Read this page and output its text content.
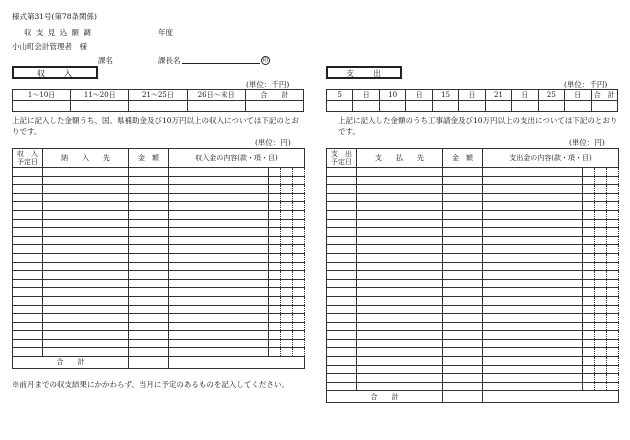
様式第31号(第78条関係)
収 支 見 込 額 調	年度
小山町会計管理者　様
課名	課長名	印
収　　入
(単位：千円)
1〜10日	11〜20日	21〜25日	26日〜末日	合　　計

上記に記入した金額うち、国、県補助金及び10万円以上の収入については下記のとおりです。
(単位：円)
収　入
予定日	納　　入　　先	金　額	収入金の内容(款・項・目)			

合　　計						
※前月までの収支結果にかかわらず、当月に予定のあるものを記入してください。
支　　出
(単位：千円)
5	日	10	日	15	日	21	日	25	日	合　計

上記に記入した金額のうち工事請金及び10万円以上の支出については下記のとおりです。
(単位：円)
支　出
予定日	支　　払　　先	金　額	支出金の内容(款・項・目)			

合　　計						
